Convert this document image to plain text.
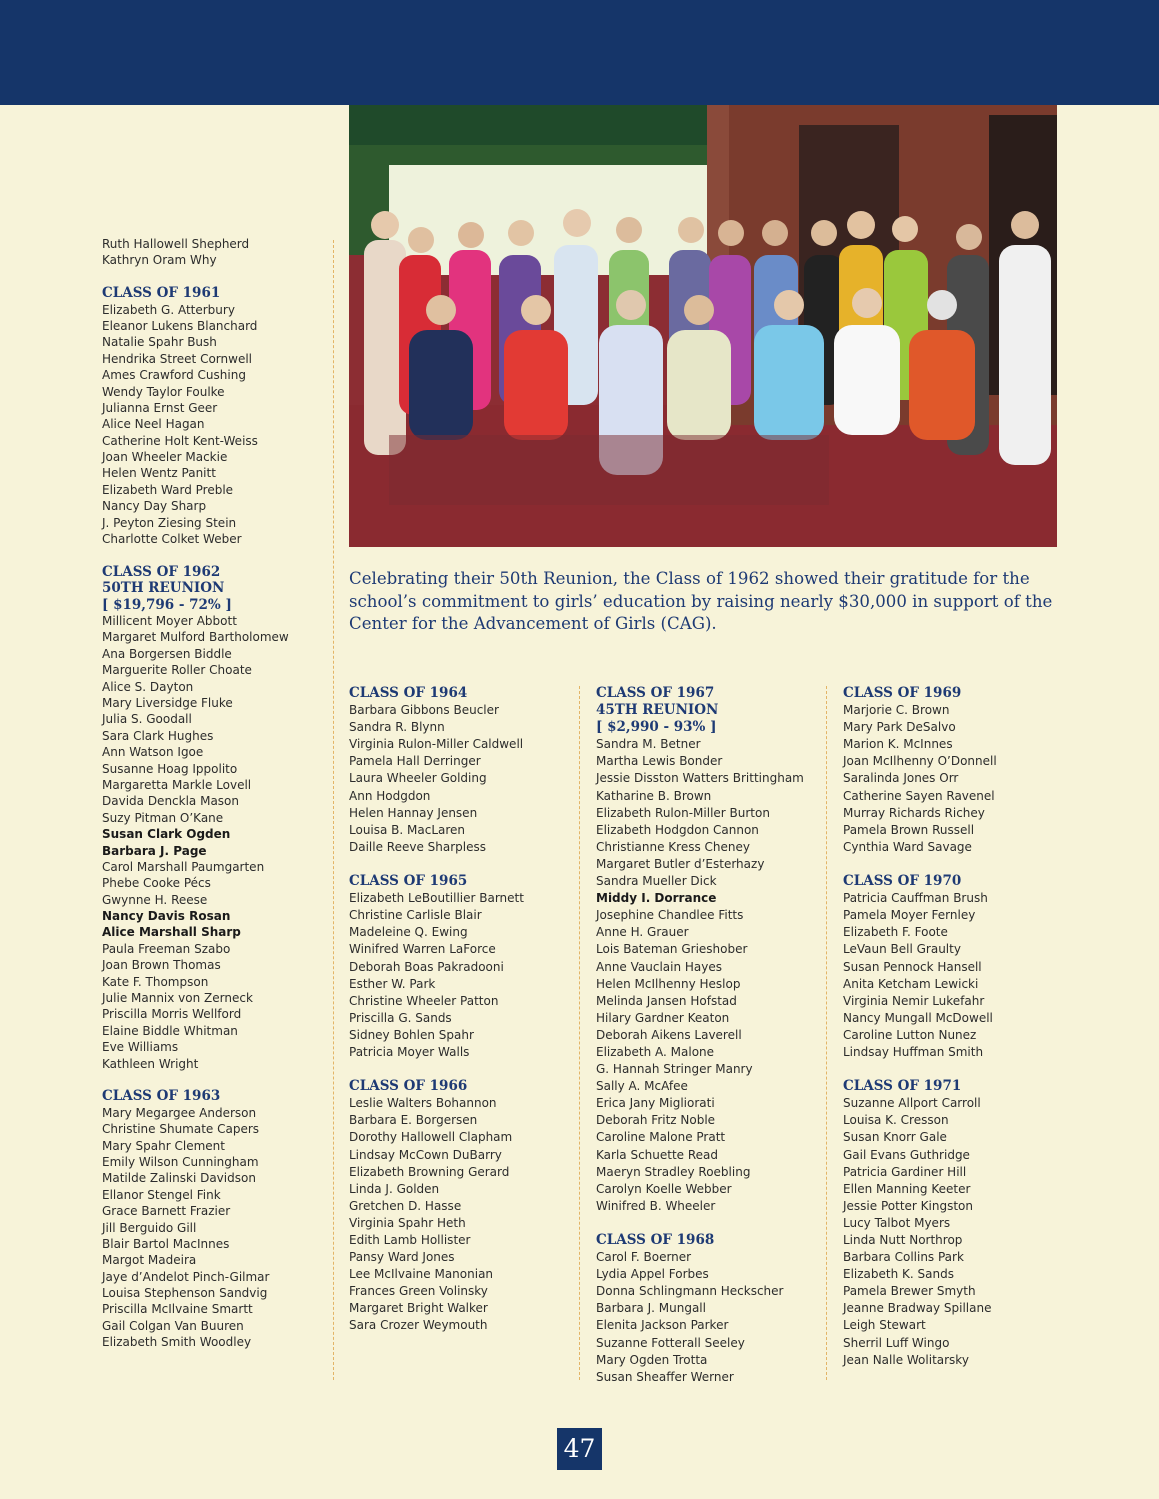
Celebrating their 50th Reunion, the Class of 1962 showed their gratitude for the school’s commitment to girls’ education by raising nearly $30,000 in support of the Center for the Advancement of Girls (CAG).
Ruth Hallowell Shepherd
Kathryn Oram Why
CLASS OF 1961
Elizabeth G. Atterbury
Eleanor Lukens Blanchard
Natalie Spahr Bush
Hendrika Street Cornwell
Ames Crawford Cushing
Wendy Taylor Foulke
Julianna Ernst Geer
Alice Neel Hagan
Catherine Holt Kent-Weiss
Joan Wheeler Mackie
Helen Wentz Panitt
Elizabeth Ward Preble
Nancy Day Sharp
J. Peyton Ziesing Stein
Charlotte Colket Weber
CLASS OF 1962
50TH REUNION
[ $19,796 - 72% ]
Millicent Moyer Abbott
Margaret Mulford Bartholomew
Ana Borgersen Biddle
Marguerite Roller Choate
Alice S. Dayton
Mary Liversidge Fluke
Julia S. Goodall
Sara Clark Hughes
Ann Watson Igoe
Susanne Hoag Ippolito
Margaretta Markle Lovell
Davida Denckla Mason
Suzy Pitman O’Kane
Susan Clark Ogden
Barbara J. Page
Carol Marshall Paumgarten
Phebe Cooke Pécs
Gwynne H. Reese
Nancy Davis Rosan
Alice Marshall Sharp
Paula Freeman Szabo
Joan Brown Thomas
Kate F. Thompson
Julie Mannix von Zerneck
Priscilla Morris Wellford
Elaine Biddle Whitman
Eve Williams
Kathleen Wright
CLASS OF 1963
Mary Megargee Anderson
Christine Shumate Capers
Mary Spahr Clement
Emily Wilson Cunningham
Matilde Zalinski Davidson
Ellanor Stengel Fink
Grace Barnett Frazier
Jill Berguido Gill
Blair Bartol MacInnes
Margot Madeira
Jaye d’Andelot Pinch-Gilmar
Louisa Stephenson Sandvig
Priscilla McIlvaine Smartt
Gail Colgan Van Buuren
Elizabeth Smith Woodley
CLASS OF 1964
Barbara Gibbons Beucler
Sandra R. Blynn
Virginia Rulon-Miller Caldwell
Pamela Hall Derringer
Laura Wheeler Golding
Ann Hodgdon
Helen Hannay Jensen
Louisa B. MacLaren
Daille Reeve Sharpless
CLASS OF 1965
Elizabeth LeBoutillier Barnett
Christine Carlisle Blair
Madeleine Q. Ewing
Winifred Warren LaForce
Deborah Boas Pakradooni
Esther W. Park
Christine Wheeler Patton
Priscilla G. Sands
Sidney Bohlen Spahr
Patricia Moyer Walls
CLASS OF 1966
Leslie Walters Bohannon
Barbara E. Borgersen
Dorothy Hallowell Clapham
Lindsay McCown DuBarry
Elizabeth Browning Gerard
Linda J. Golden
Gretchen D. Hasse
Virginia Spahr Heth
Edith Lamb Hollister
Pansy Ward Jones
Lee McIlvaine Manonian
Frances Green Volinsky
Margaret Bright Walker
Sara Crozer Weymouth
CLASS OF 1967
45TH REUNION
[ $2,990 - 93% ]
Sandra M. Betner
Martha Lewis Bonder
Jessie Disston Watters Brittingham
Katharine B. Brown
Elizabeth Rulon-Miller Burton
Elizabeth Hodgdon Cannon
Christianne Kress Cheney
Margaret Butler d’Esterhazy
Sandra Mueller Dick
Middy I. Dorrance
Josephine Chandlee Fitts
Anne H. Grauer
Lois Bateman Grieshober
Anne Vauclain Hayes
Helen McIlhenny Heslop
Melinda Jansen Hofstad
Hilary Gardner Keaton
Deborah Aikens Laverell
Elizabeth A. Malone
G. Hannah Stringer Manry
Sally A. McAfee
Erica Jany Migliorati
Deborah Fritz Noble
Caroline Malone Pratt
Karla Schuette Read
Maeryn Stradley Roebling
Carolyn Koelle Webber
Winifred B. Wheeler
CLASS OF 1968
Carol F. Boerner
Lydia Appel Forbes
Donna Schlingmann Heckscher
Barbara J. Mungall
Elenita Jackson Parker
Suzanne Fotterall Seeley
Mary Ogden Trotta
Susan Sheaffer Werner
CLASS OF 1969
Marjorie C. Brown
Mary Park DeSalvo
Marion K. McInnes
Joan McIlhenny O’Donnell
Saralinda Jones Orr
Catherine Sayen Ravenel
Murray Richards Richey
Pamela Brown Russell
Cynthia Ward Savage
CLASS OF 1970
Patricia Cauffman Brush
Pamela Moyer Fernley
Elizabeth F. Foote
LeVaun Bell Graulty
Susan Pennock Hansell
Anita Ketcham Lewicki
Virginia Nemir Lukefahr
Nancy Mungall McDowell
Caroline Lutton Nunez
Lindsay Huffman Smith
CLASS OF 1971
Suzanne Allport Carroll
Louisa K. Cresson
Susan Knorr Gale
Gail Evans Guthridge
Patricia Gardiner Hill
Ellen Manning Keeter
Jessie Potter Kingston
Lucy Talbot Myers
Linda Nutt Northrop
Barbara Collins Park
Elizabeth K. Sands
Pamela Brewer Smyth
Jeanne Bradway Spillane
Leigh Stewart
Sherril Luff Wingo
Jean Nalle Wolitarsky
47
